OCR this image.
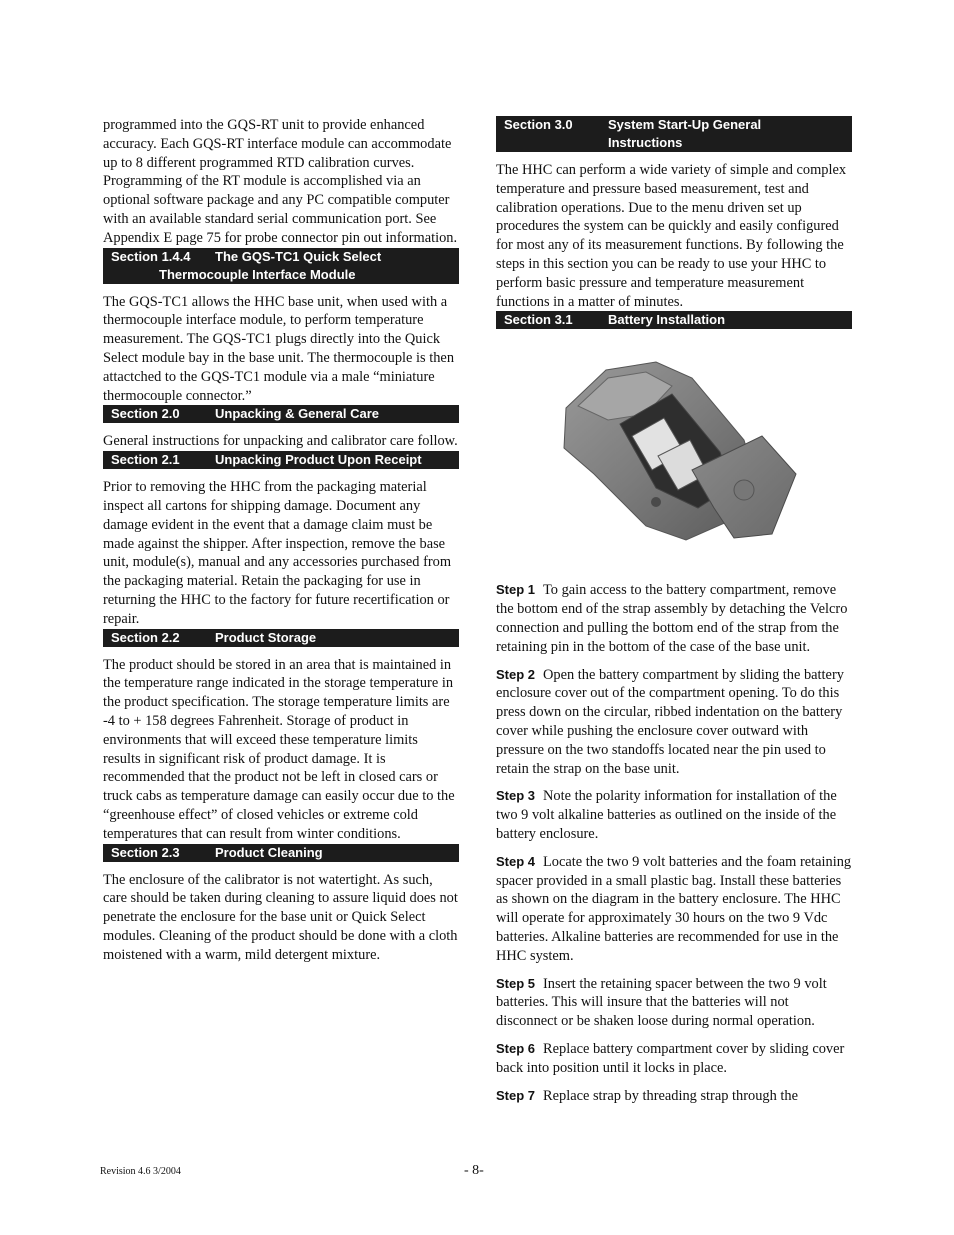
programmed into the GQS-RT unit to provide enhanced accuracy. Each GQS-RT interface module can accommodate up to 8 different programmed RTD calibration curves. Programming of the RT module is accomplished via an optional software package and any PC compatible computer with an available standard serial communication port. See Appendix E page 75 for probe connector pin out information.

Section 1.4.4	The GQS-TC1 Quick Select
Thermocouple Interface Module

The GQS-TC1 allows the HHC base unit, when used with a thermocouple interface module, to perform temperature measurement. The GQS-TC1 plugs directly into the Quick Select module bay in the base unit. The thermocouple is then attactched to the GQS-TC1 module via a male “miniature thermocouple connector.”

Section 2.0	Unpacking & General Care

General instructions for unpacking and calibrator care follow.

Section 2.1	Unpacking Product Upon Receipt

Prior to removing the HHC from the packaging material inspect all cartons for shipping damage. Document any damage evident in the event that a damage claim must be made against the shipper. After inspection, remove the base unit, module(s), manual and any accessories purchased from the packaging material. Retain the packaging for use in returning the HHC to the factory for future recertification or repair.

Section 2.2	Product Storage

The product should be stored in an area that is maintained in the temperature range indicated in the storage temperature in the product specification. The storage temperature limits are -4 to + 158 degrees Fahrenheit. Storage of product in environments that will exceed these temperature limits results in significant risk of product damage. It is recommended that the product not be left in closed cars or truck cabs as temperature damage can easily occur due to the “greenhouse effect” of closed vehicles or extreme cold temperatures that can result from winter conditions.

Section 2.3	Product Cleaning

The enclosure of the calibrator is not watertight. As such, care should be taken during cleaning to assure liquid does not penetrate the enclosure for the base unit or Quick Select modules. Cleaning of the product should be done with a cloth moistened with a warm, mild detergent mixture.

Section 3.0	System Start-Up General
Instructions

The HHC can perform a wide variety of simple and complex temperature and pressure based measurement, test and calibration operations. Due to the menu driven set up procedures the system can be quickly and easily configured for most any of its measurement functions. By following the steps in this section you can be ready to use your HHC to perform basic pressure and temperature measurement functions in a matter of minutes.

Section 3.1	Battery Installation

Step 1 To gain access to the battery compartment, remove the bottom end of the strap assembly by detaching the Velcro connection and pulling the bottom end of the strap from the retaining pin in the bottom of the case of the base unit.

Step 2 Open the battery compartment by sliding the battery enclosure cover out of the compartment opening. To do this press down on the circular, ribbed indentation on the battery cover while pushing the enclosure cover outward with pressure on the two standoffs located near the pin used to retain the strap on the base unit.

Step 3 Note the polarity information for installation of the two 9 volt alkaline batteries as outlined on the inside of the battery enclosure.

Step 4 Locate the two 9 volt batteries and the foam retaining spacer provided in a small plastic bag. Install these batteries as shown on the diagram in the battery enclosure. The HHC will operate for approximately 30 hours on the two 9 Vdc batteries. Alkaline batteries are recommended for use in the HHC system.

Step 5 Insert the retaining spacer between the two 9 volt batteries. This will insure that the batteries will not disconnect or be shaken loose during normal operation.

Step 6 Replace battery compartment cover by sliding cover back into position until it locks in place.

Step 7 Replace strap by threading strap through the

Revision 4.6 3/2004	- 8-
